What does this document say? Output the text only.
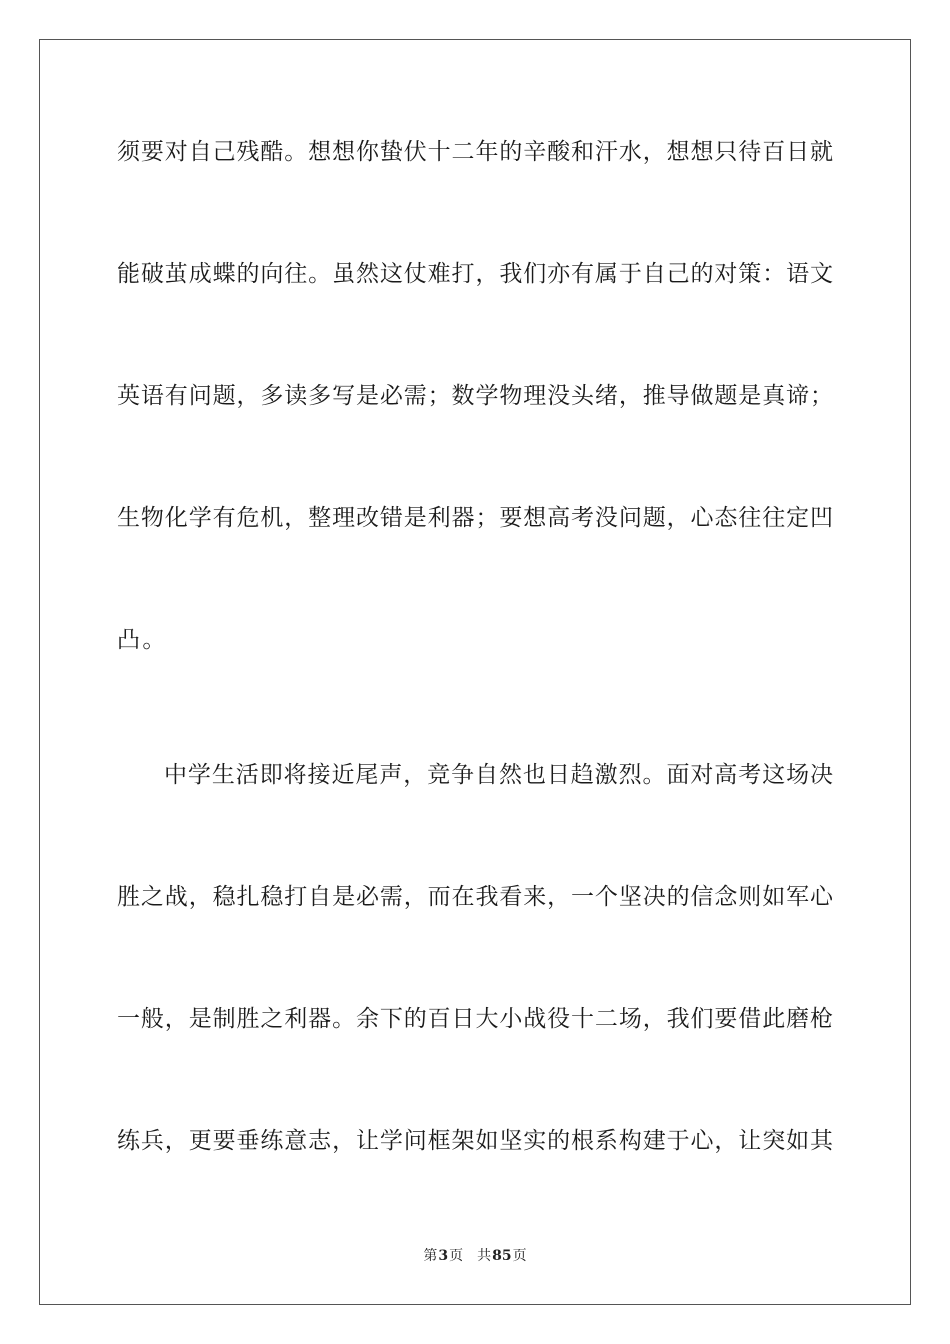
须要对自己残酷。想想你蛰伏十二年的辛酸和汗水，想想只待百日就
能破茧成蝶的向往。虽然这仗难打，我们亦有属于自己的对策：语文
英语有问题，多读多写是必需；数学物理没头绪，推导做题是真谛；
生物化学有危机，整理改错是利器；要想高考没问题，心态往往定凹
凸。
中学生活即将接近尾声，竞争自然也日趋激烈。面对高考这场决
胜之战，稳扎稳打自是必需，而在我看来，一个坚决的信念则如军心
一般，是制胜之利器。余下的百日大小战役十二场，我们要借此磨枪
练兵，更要垂练意志，让学问框架如坚实的根系构建于心，让突如其
第3页 共85页
